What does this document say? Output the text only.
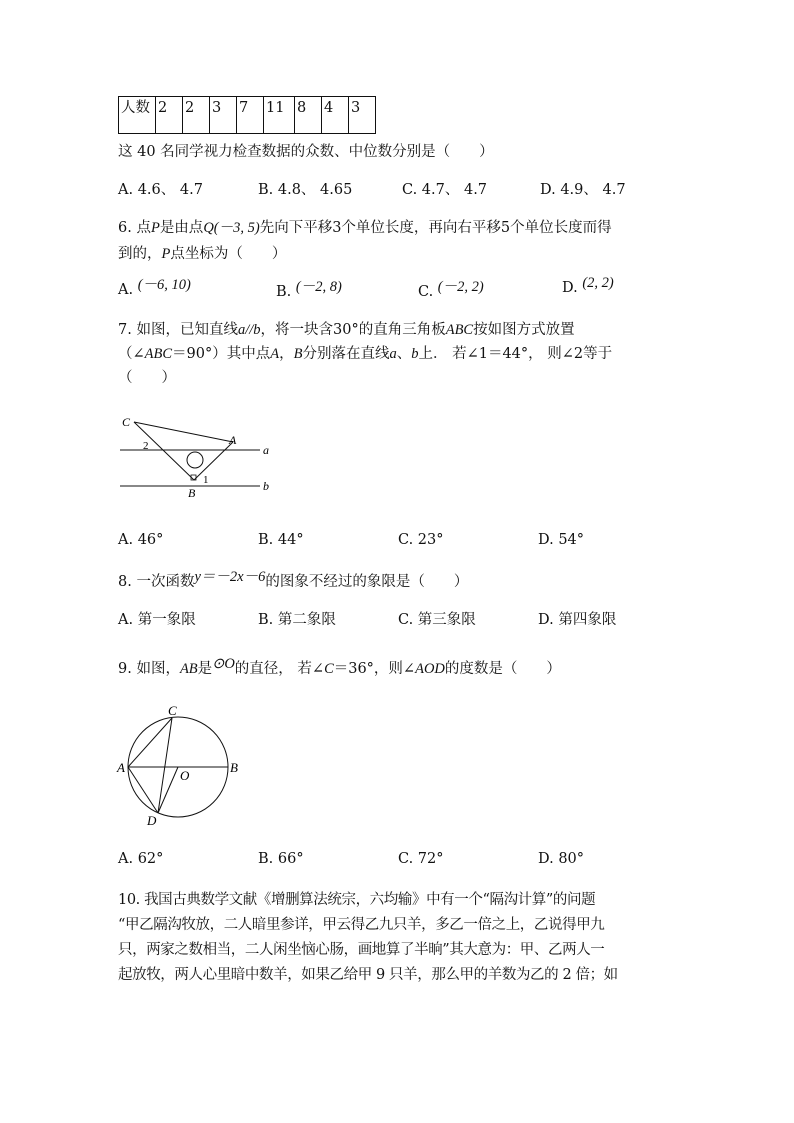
人数	2	2	3	7	11	8	4	3
这 40 名同学视力检查数据的众数、中位数分别是（　　）
A. 4.6、 4.7	B. 4.8、 4.65	C. 4.7、 4.7	D. 4.9、 4.7
6. 点P是由点Q(－3, 5)先向下平移3个单位长度，再向右平移5个单位长度而得
到的，P点坐标为（　　）
A. (－6, 10)	B. (－2, 8)	C. (－2, 2)	D. (2, 2)
7. 如图，已知直线a//b，将一块含30°的直角三角板ABC按如图方式放置
（∠ABC＝90°）其中点A，B分别落在直线a、b上． 若∠1＝44°， 则∠2等于
（　　）
C
2	A
a
1
B	b
A. 46°	B. 44°	C. 23°	D. 54°
8. 一次函数y＝－2x－6的图象不经过的象限是（　　）
A. 第一象限	B. 第二象限	C. 第三象限	D. 第四象限
9. 如图，AB是⊙O的直径， 若∠C＝36°，则∠AOD的度数是（　　）
C
A
O
B
D
A. 62°	B. 66°	C. 72°	D. 80°
10. 我国古典数学文献《增删算法统宗，六均输》中有一个“隔沟计算”的问题
“甲乙隔沟牧放，二人暗里参详，甲云得乙九只羊，多乙一倍之上，乙说得甲九
只，两家之数相当，二人闲坐恼心肠，画地算了半晌”其大意为：甲、乙两人一
起放牧，两人心里暗中数羊，如果乙给甲 9 只羊，那么甲的羊数为乙的 2 倍；如
